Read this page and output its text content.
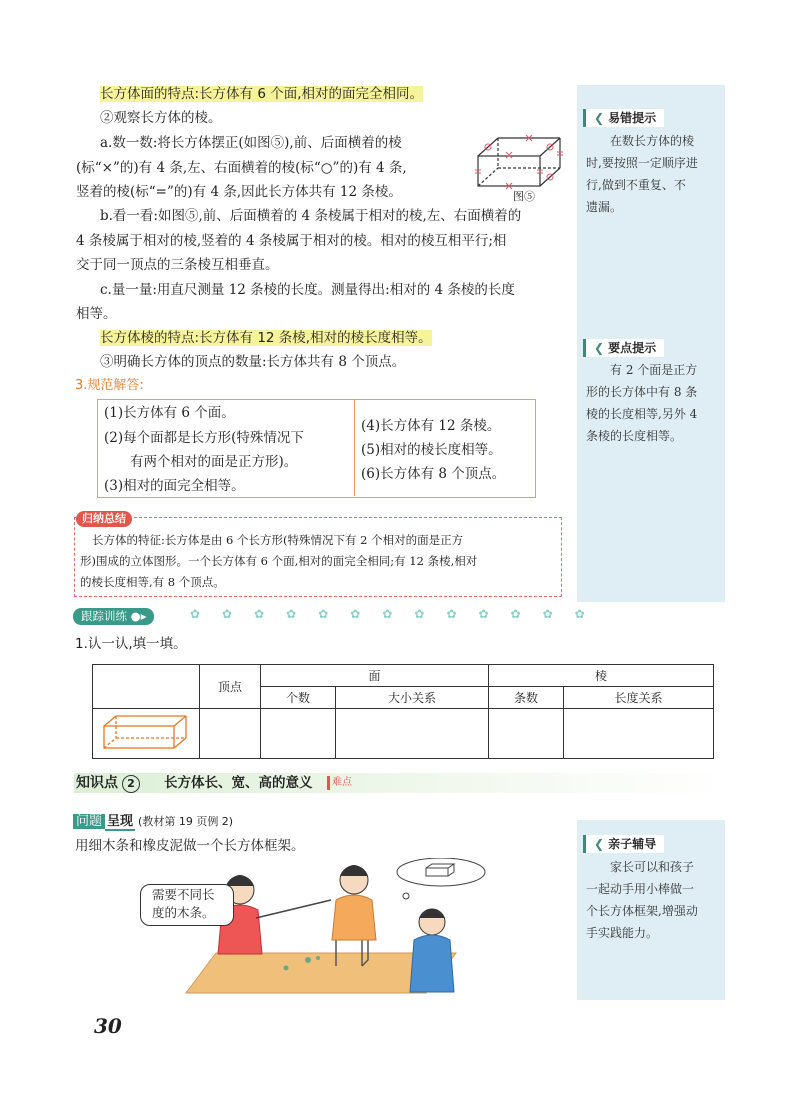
❮ 易错提示
在数长方体的棱
时,要按照一定顺序进
行,做到不重复、不
遗漏。
❮ 要点提示
有 2 个面是正方
形的长方体中有 8 条
棱的长度相等,另外 4
条棱的长度相等。
❮ 亲子辅导
家长可以和孩子
一起动手用小棒做一
个长方体框架,增强动
手实践能力。
长方体面的特点:长方体有 6 个面,相对的面完全相同。
②观察长方体的棱。
a.数一数:将长方体摆正(如图⑤),前、后面横着的棱
(标“×”的)有 4 条,左、右面横着的棱(标“○”的)有 4 条,
竖着的棱(标“=”的)有 4 条,因此长方体共有 12 条棱。	图⑤
b.看一看:如图⑤,前、后面横着的 4 条棱属于相对的棱,左、右面横着的
4 条棱属于相对的棱,竖着的 4 条棱属于相对的棱。相对的棱互相平行;相
交于同一顶点的三条棱互相垂直。
c.量一量:用直尺测量 12 条棱的长度。测量得出:相对的 4 条棱的长度
相等。
长方体棱的特点:长方体有 12 条棱,相对的棱长度相等。
③明确长方体的顶点的数量:长方体共有 8 个顶点。
3.规范解答:
(1)长方体有 6 个面。
(2)每个面都是长方形(特殊情况下
有两个相对的面是正方形)。
(3)相对的面完全相等。
(4)长方体有 12 条棱。
(5)相对的棱长度相等。
(6)长方体有 8 个顶点。
归纳总结
长方体的特征:长方体是由 6 个长方形(特殊情况下有 2 个相对的面是正方
形)围成的立体图形。一个长方体有 6 个面,相对的面完全相同;有 12 条棱,相对
的棱长度相等,有 8 个顶点。
跟踪训练 ●▸	✿✿✿✿✿✿✿✿✿✿✿✿✿
1.认一认,填一填。
	顶点	面		棱	
		个数	大小关系	条数	长度关系

知识点 2	长方体长、宽、高的意义	难点
问题 呈现 (教材第 19 页例 2)
用细木条和橡皮泥做一个长方体框架。
需要不同长
度的木条。
30
